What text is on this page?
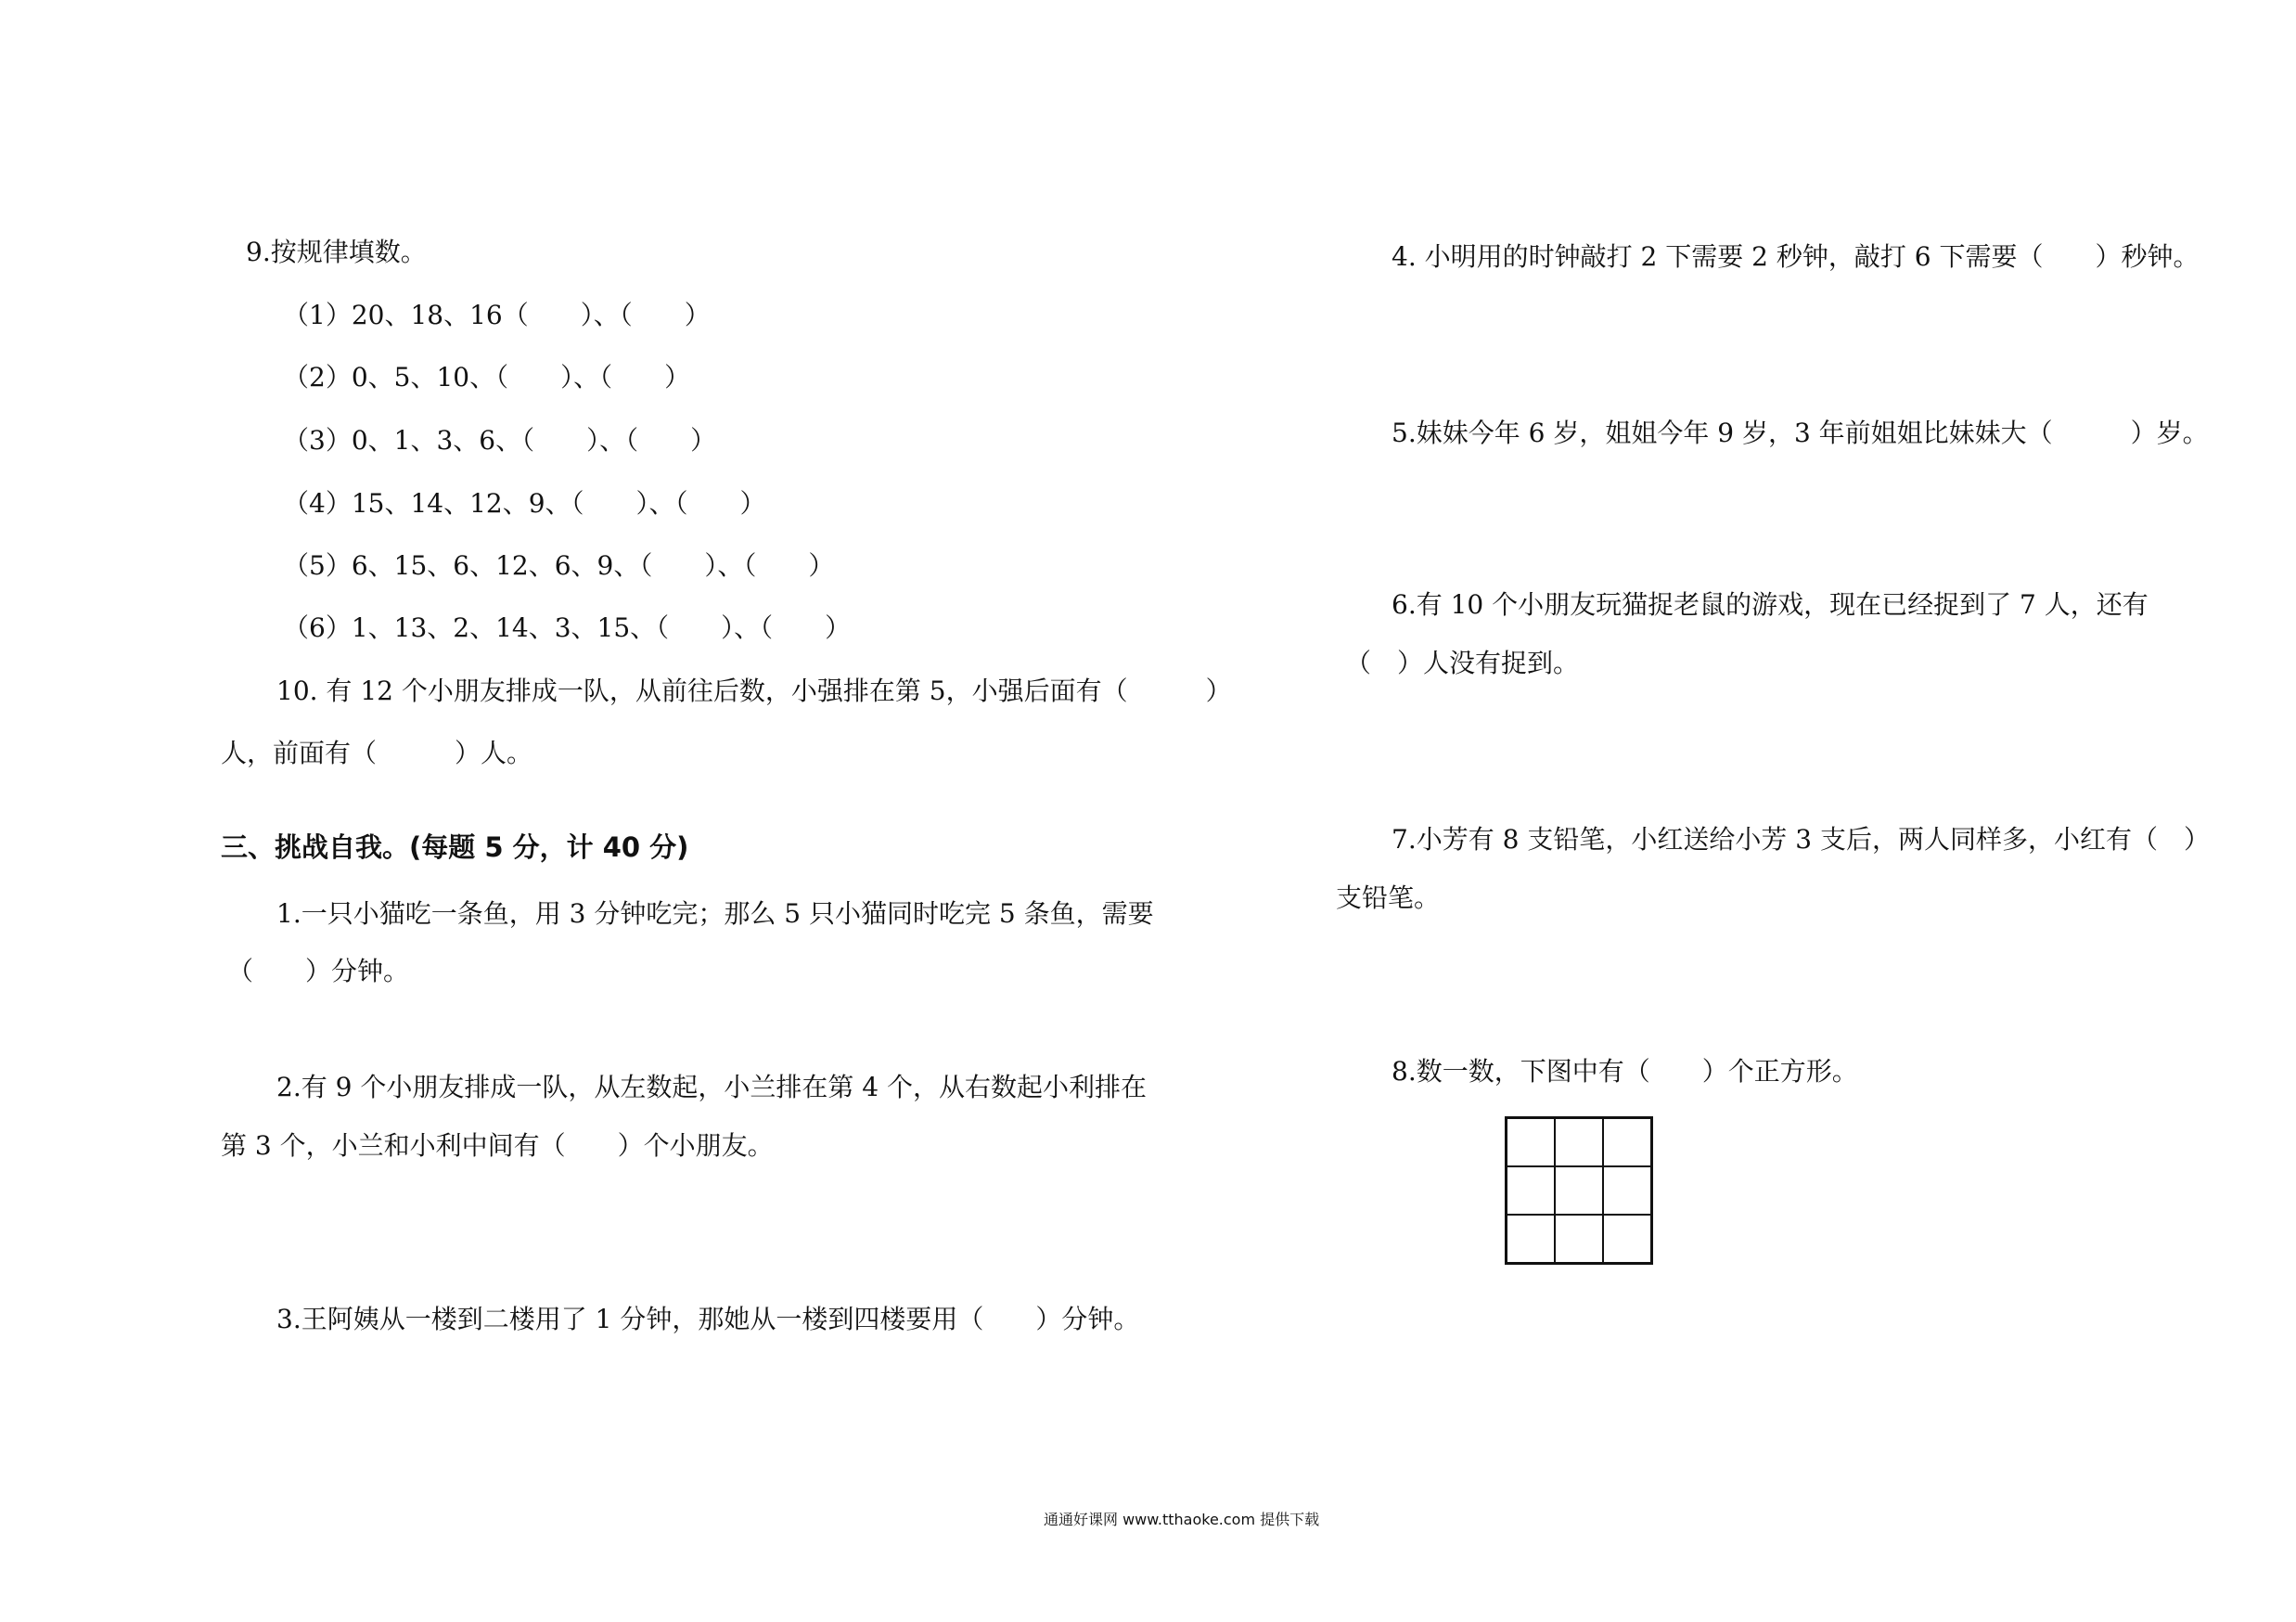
9.按规律填数。

（1）20、18、16（　　）、（　　）

（2）0、5、10、（　　）、（　　）

（3）0、1、3、6、（　　）、（　　）

（4）15、14、12、9、（　　）、（　　）

（5）6、15、6、12、6、9、（　　）、（　　）

（6）1、13、2、14、3、15、（　　）、（　　）

10. 有 12 个小朋友排成一队，从前往后数，小强排在第 5，小强后面有（　　　）

人，前面有（　　　）人。

三、挑战自我。(每题 5 分，计 40 分)

1.一只小猫吃一条鱼，用 3 分钟吃完；那么 5 只小猫同时吃完 5 条鱼，需要

（　　）分钟。

2.有 9 个小朋友排成一队，从左数起，小兰排在第 4 个，从右数起小利排在

第 3 个，小兰和小利中间有（　　）个小朋友。

3.王阿姨从一楼到二楼用了 1 分钟，那她从一楼到四楼要用（　　）分钟。

4. 小明用的时钟敲打 2 下需要 2 秒钟，敲打 6 下需要（　　）秒钟。

5.妹妹今年 6 岁，姐姐今年 9 岁，3 年前姐姐比妹妹大（　　　）岁。

6.有 10 个小朋友玩猫捉老鼠的游戏，现在已经捉到了 7 人，还有

（　）人没有捉到。

7.小芳有 8 支铅笔，小红送给小芳 3 支后，两人同样多，小红有（　）

支铅笔。

8.数一数，下图中有（　　）个正方形。

通通好课网 www.tthaoke.com 提供下载
